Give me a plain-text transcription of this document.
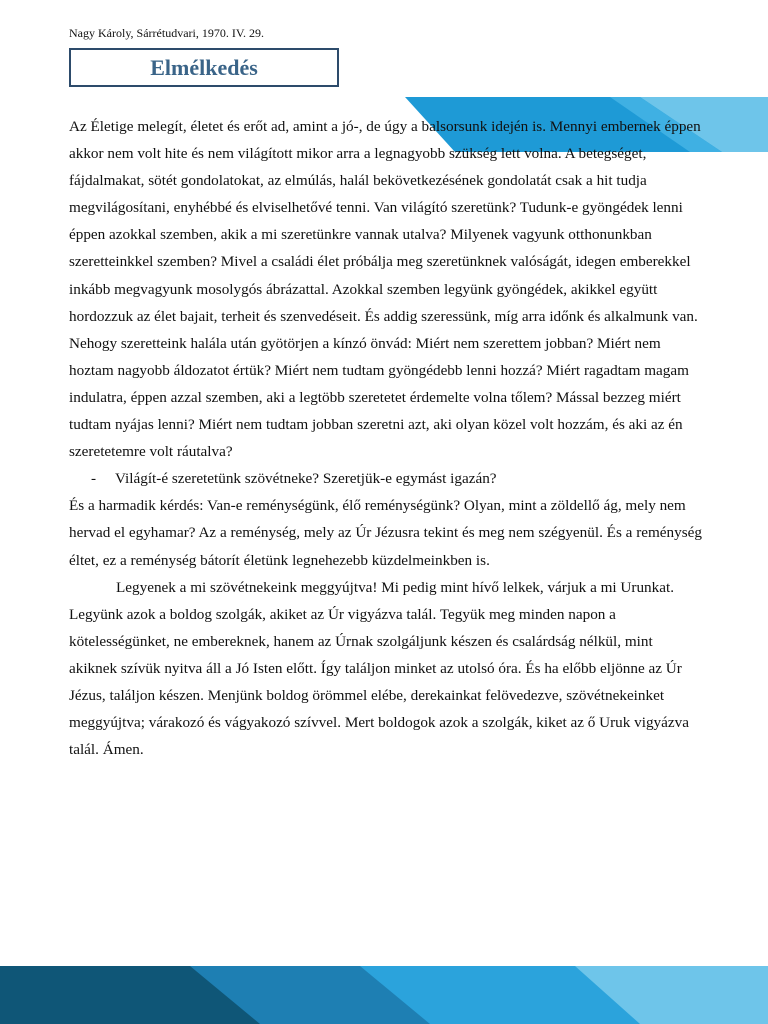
Nagy Károly, Sárrétudvari, 1970. IV. 29.
Elmélkedés

Az Életige melegít, életet és erőt ad, amint a jó-, de úgy a balsorsunk idején is. Mennyi embernek éppen akkor nem volt hite és nem világított mikor arra a legnagyobb szükség lett volna. A betegséget, fájdalmakat, sötét gondolatokat, az elmúlás, halál bekövetkezésének gondolatát csak a hit tudja megvilágosítani, enyhébbé és elviselhetővé tenni. Van világító szeretünk? Tudunk-e gyöngédek lenni éppen azokkal szemben, akik a mi szeretünkre vannak utalva? Milyenek vagyunk otthonunkban szeretteinkkel szemben? Mivel a családi élet próbálja meg szeretünknek valóságát, idegen emberekkel inkább megvagyunk mosolygós ábrázattal. Azokkal szemben legyünk gyöngédek, akikkel együtt hordozzuk az élet bajait, terheit és szenvedéseit. És addig szeressünk, míg arra időnk és alkalmunk van. Nehogy szeretteink halála után gyötörjen a kínzó önvád: Miért nem szerettem jobban? Miért nem hoztam nagyobb áldozatot értük? Miért nem tudtam gyöngédebb lenni hozzá? Miért ragadtam magam indulatra, éppen azzal szemben, aki a legtöbb szeretetet érdemelte volna tőlem? Mással bezzeg miért tudtam nyájas lenni? Miért nem tudtam jobban szeretni azt, aki olyan közel volt hozzám, és aki az én szeretetemre volt ráutalva?

-	Világít-é szeretetünk szövétneke? Szeretjük-e egymást igazán?

És a harmadik kérdés: Van-e reménységünk, élő reménységünk? Olyan, mint a zöldellő ág, mely nem hervad el egyhamar? Az a reménység, mely az Úr Jézusra tekint és meg nem szégyenül. És a reménység éltet, ez a reménység bátorít életünk legnehezebb küzdelmeinkben is.

Legyenek a mi szövétnekeink meggyújtva! Mi pedig mint hívő lelkek, várjuk a mi Urunkat. Legyünk azok a boldog szolgák, akiket az Úr vigyázva talál. Tegyük meg minden napon a kötelességünket, ne embereknek, hanem az Úrnak szolgáljunk készen és csalárdság nélkül, mint akiknek szívük nyitva áll a Jó Isten előtt. Így találjon minket az utolsó óra. És ha előbb eljönne az Úr Jézus, találjon készen. Menjünk boldog örömmel elébe, derekainkat felövedezve, szövétnekeinket meggyújtva; várakozó és vágyakozó szívvel. Mert boldogok azok a szolgák, kiket az ő Uruk vigyázva talál. Ámen.
